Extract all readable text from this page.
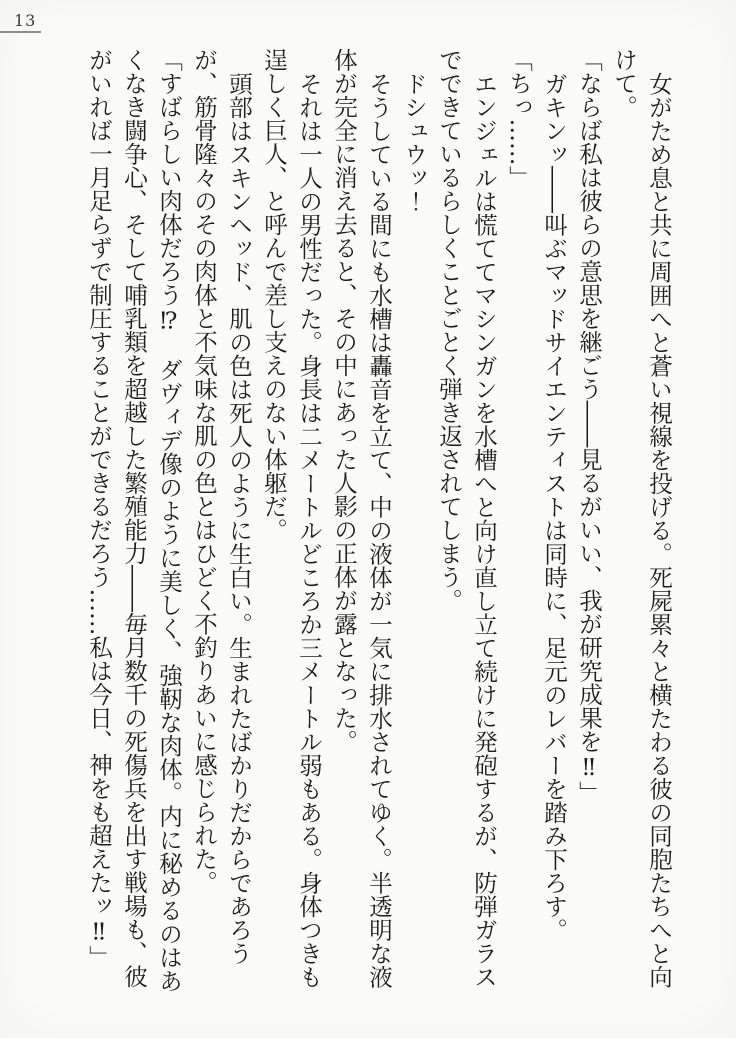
13

女がため息と共に周囲へと蒼い視線を投げる。死屍累々と横たわる彼の同胞たちへと向けて。

「ならば私は彼らの意思を継ごう――見るがいい、我が研究成果を‼」

ガキンッ――叫ぶマッドサイエンティストは同時に、足元のレバーを踏み下ろす。

「ちっ……」

エンジェルは慌ててマシンガンを水槽へと向け直し立て続けに発砲するが、防弾ガラスでできているらしくことごとく弾き返されてしまう。

ドシュウッ！

そうしている間にも水槽は轟音を立て、中の液体が一気に排水されてゆく。半透明な液体が完全に消え去ると、その中にあった人影の正体が露となった。

それは一人の男性だった。身長は二メートルどころか三メートル弱もある。身体つきも逞しく巨人、と呼んで差し支えのない体躯だ。

頭部はスキンヘッド、肌の色は死人のように生白い。生まれたばかりだからであろうが、筋骨隆々のその肉体と不気味な肌の色とはひどく不釣りあいに感じられた。

「すばらしい肉体だろう⁉　ダヴィデ像のように美しく、強靭な肉体。内に秘めるのはあくなき闘争心、そして哺乳類を超越した繁殖能力――毎月数千の死傷兵を出す戦場も、彼がいれば一月足らずで制圧することができるだろう……私は今日、神をも超えたッ‼」
